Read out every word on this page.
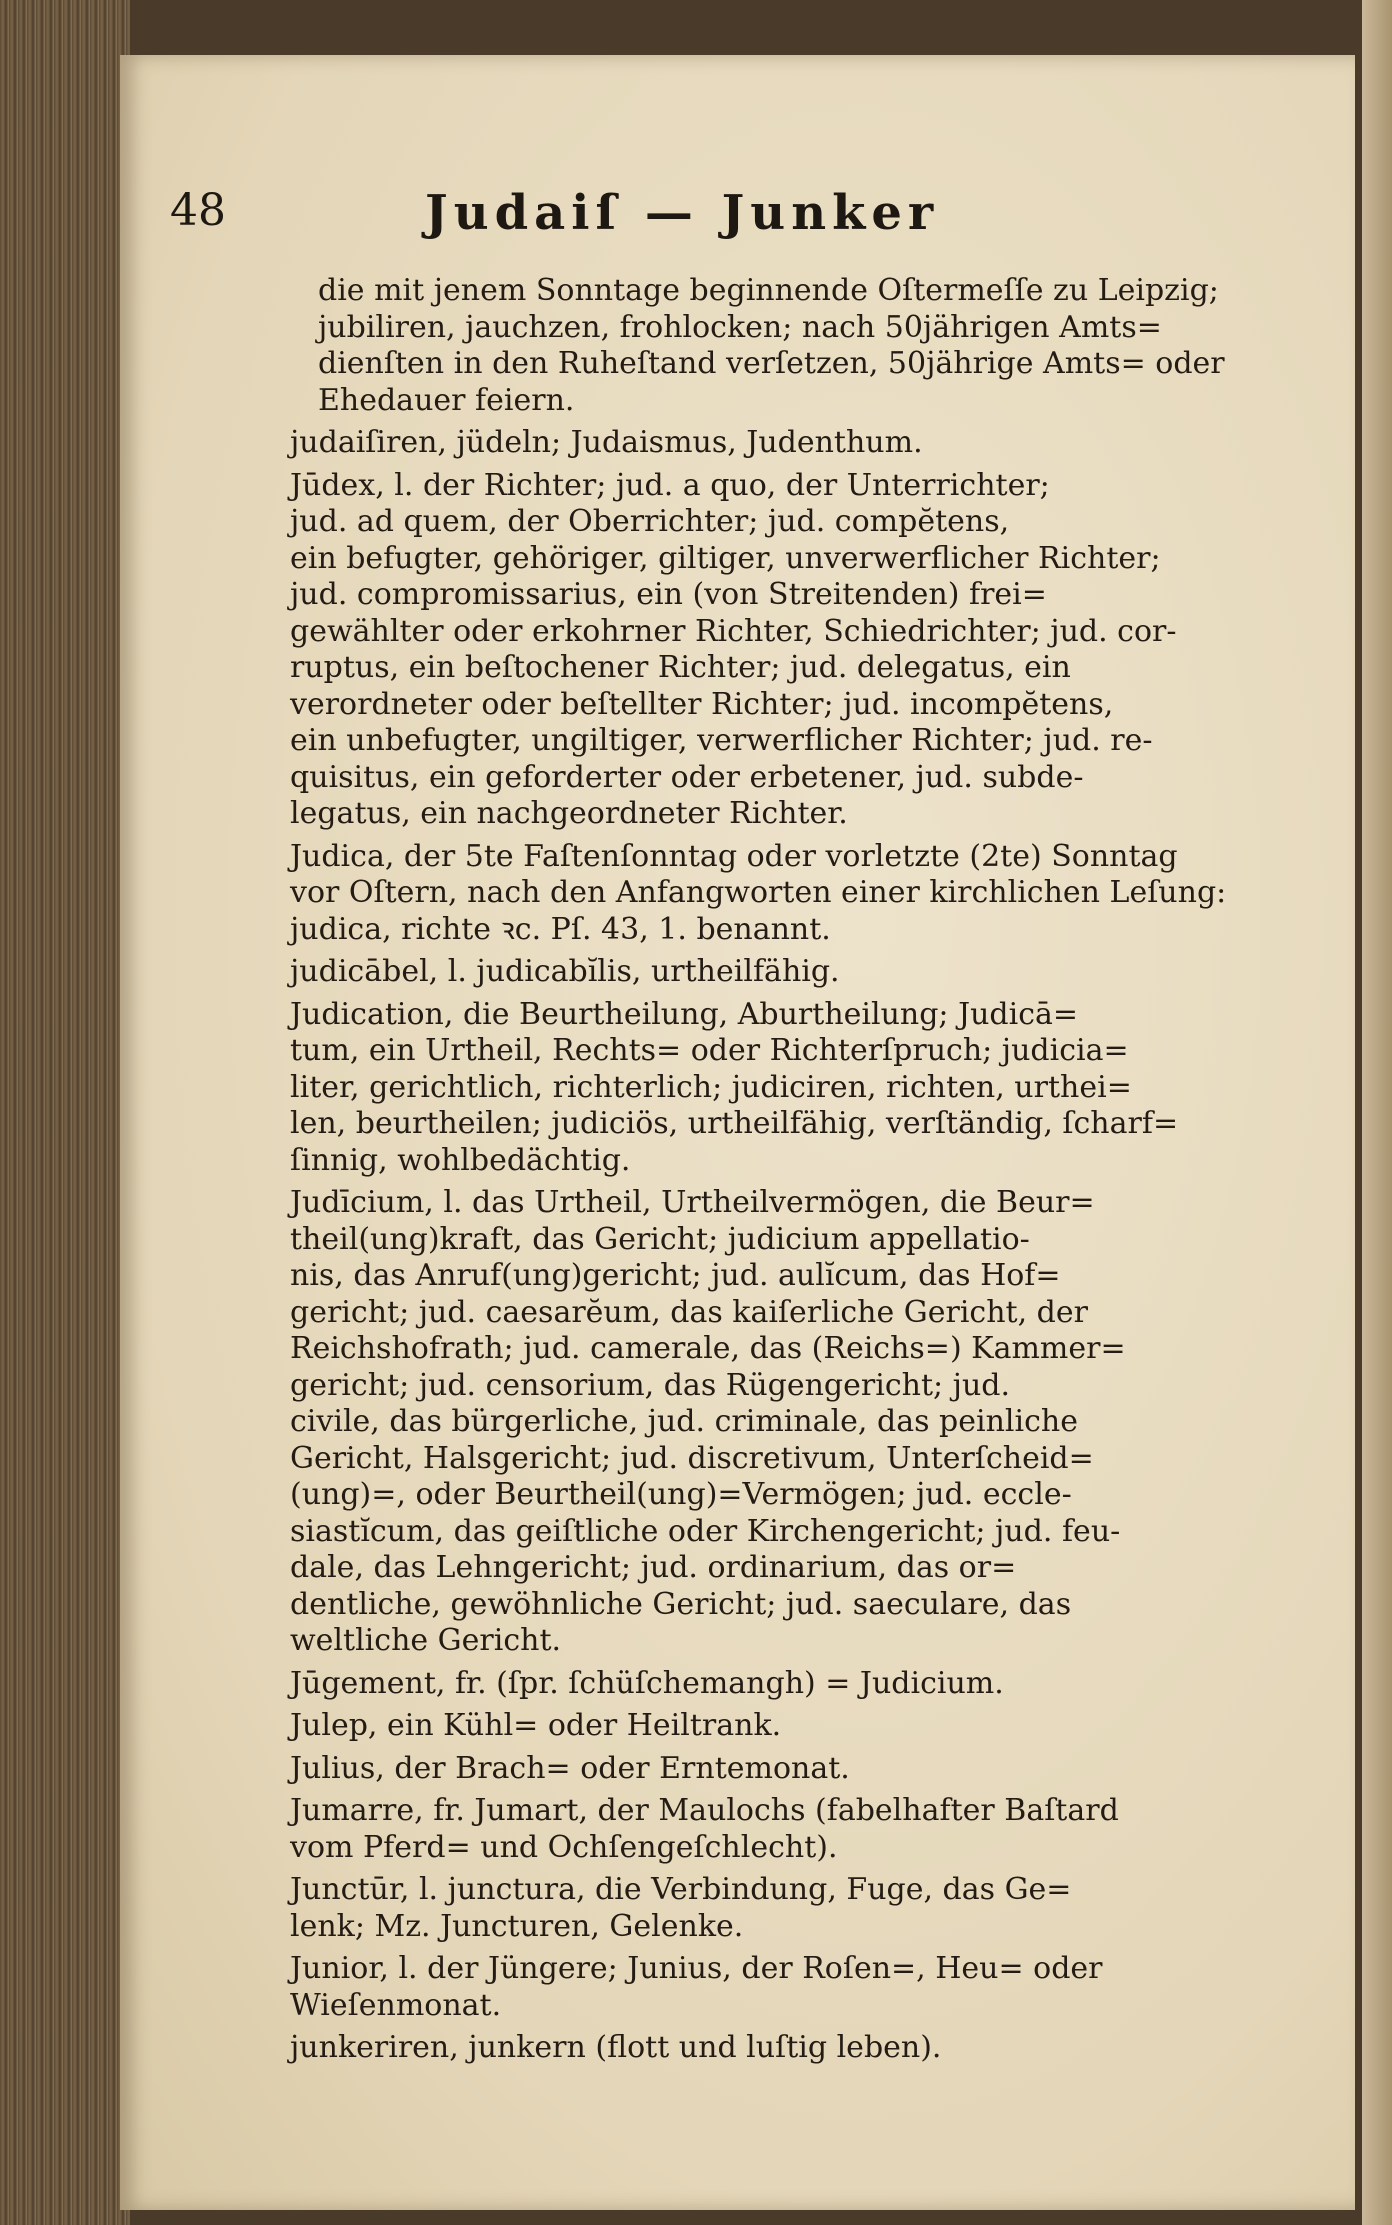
48	Judaiſ — Junker
die mit jenem Sonntage beginnende Oſtermeſſe zu Leipzig;
jubiliren, jauchzen, frohlocken; nach 50jährigen Amts=
dienſten in den Ruheſtand verſetzen, 50jährige Amts= oder
Ehedauer feiern.
judaiſiren, jüdeln; Judaismus, Judenthum.
Jūdex, l. der Richter; jud. a quo, der Unterrichter;
jud. ad quem, der Oberrichter; jud. compĕtens,
ein befugter, gehöriger, giltiger, unverwerflicher Richter;
jud. compromissarius, ein (von Streitenden) frei=
gewählter oder erkohrner Richter, Schiedrichter; jud. cor-
ruptus, ein beſtochener Richter; jud. delegatus, ein
verordneter oder beſtellter Richter; jud. incompĕtens,
ein unbefugter, ungiltiger, verwerflicher Richter; jud. re-
quisitus, ein geforderter oder erbetener, jud. subde-
legatus, ein nachgeordneter Richter.
Judica, der 5te Faſtenſonntag oder vorletzte (2te) Sonntag
vor Oſtern, nach den Anfangworten einer kirchlichen Leſung:
judica, richte ꝛc. Pſ. 43, 1. benannt.
judicābel, l. judicabĭlis, urtheilfähig.
Judication, die Beurtheilung, Aburtheilung; Judicā=
tum, ein Urtheil, Rechts= oder Richterſpruch; judicia=
liter, gerichtlich, richterlich; judiciren, richten, urthei=
len, beurtheilen; judiciös, urtheilfähig, verſtändig, ſcharf=
ſinnig, wohlbedächtig.
Judīcium, l. das Urtheil, Urtheilvermögen, die Beur=
theil(ung)kraft, das Gericht; judicium appellatio-
nis, das Anruf(ung)gericht; jud. aulĭcum, das Hof=
gericht; jud. caesarĕum, das kaiſerliche Gericht, der
Reichshofrath; jud. camerale, das (Reichs=) Kammer=
gericht; jud. censorium, das Rügengericht; jud.
civile, das bürgerliche, jud. criminale, das peinliche
Gericht, Halsgericht; jud. discretivum, Unterſcheid=
(ung)=, oder Beurtheil(ung)=Vermögen; jud. eccle-
siastĭcum, das geiſtliche oder Kirchengericht; jud. feu-
dale, das Lehngericht; jud. ordinarium, das or=
dentliche, gewöhnliche Gericht; jud. saeculare, das
weltliche Gericht.
Jūgement, fr. (ſpr. ſchüſchemangh) = Judicium.
Julep, ein Kühl= oder Heiltrank.
Julius, der Brach= oder Erntemonat.
Jumarre, fr. Jumart, der Maulochs (fabelhafter Baſtard
vom Pferd= und Ochſengeſchlecht).
Junctūr, l. junctura, die Verbindung, Fuge, das Ge=
lenk; Mz. Juncturen, Gelenke.
Junior, l. der Jüngere; Junius, der Roſen=, Heu= oder
Wieſenmonat.
junkeriren, junkern (flott und luſtig leben).
